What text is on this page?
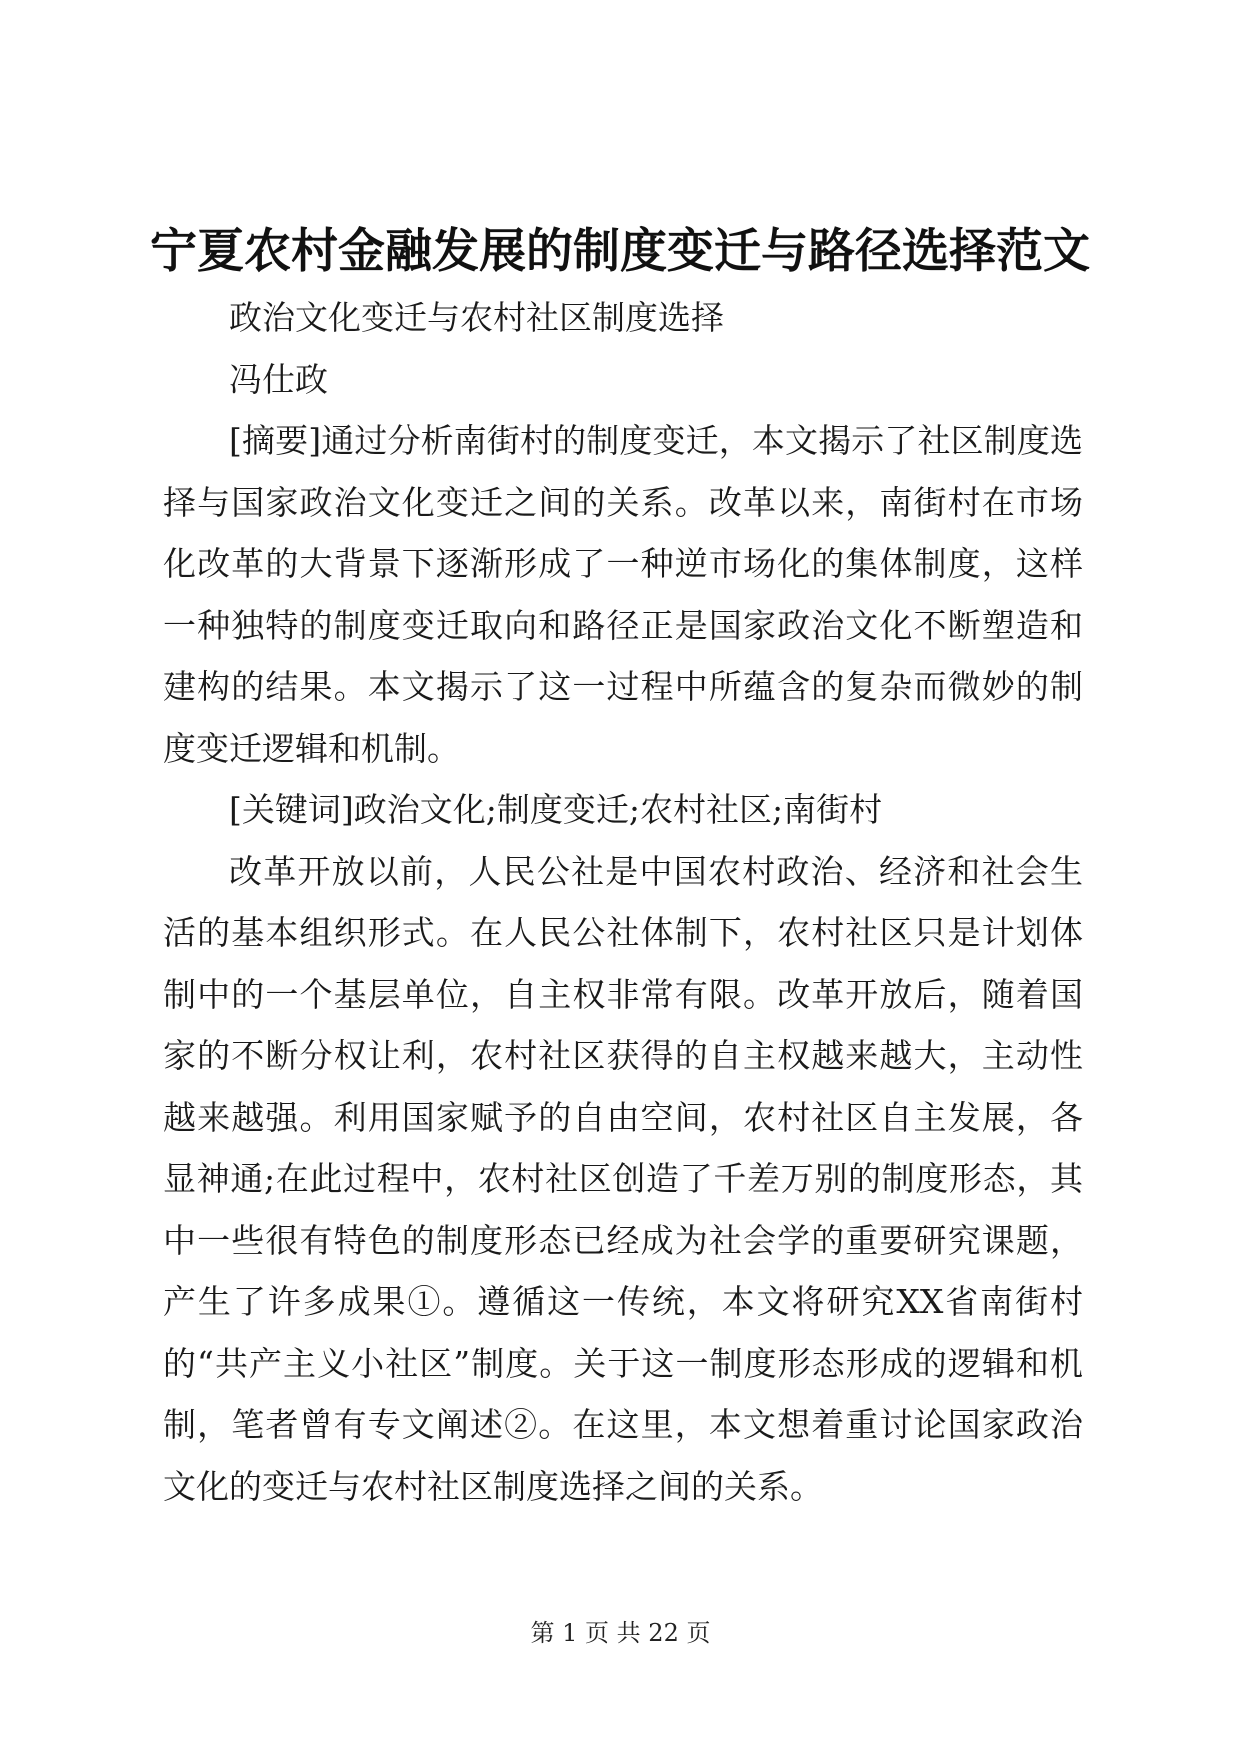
宁夏农村金融发展的制度变迁与路径选择范文

政治文化变迁与农村社区制度选择

冯仕政

[摘要]通过分析南街村的制度变迁，本文揭示了社区制度选择与国家政治文化变迁之间的关系。改革以来，南街村在市场化改革的大背景下逐渐形成了一种逆市场化的集体制度，这样一种独特的制度变迁取向和路径正是国家政治文化不断塑造和建构的结果。本文揭示了这一过程中所蕴含的复杂而微妙的制度变迁逻辑和机制。

[关键词]政治文化;制度变迁;农村社区;南街村

改革开放以前，人民公社是中国农村政治、经济和社会生活的基本组织形式。在人民公社体制下，农村社区只是计划体制中的一个基层单位，自主权非常有限。改革开放后，随着国家的不断分权让利，农村社区获得的自主权越来越大，主动性越来越强。利用国家赋予的自由空间，农村社区自主发展，各显神通;在此过程中，农村社区创造了千差万别的制度形态，其中一些很有特色的制度形态已经成为社会学的重要研究课题，产生了许多成果①。遵循这一传统，本文将研究XX省南街村的“共产主义小社区”制度。关于这一制度形态形成的逻辑和机制，笔者曾有专文阐述②。在这里，本文想着重讨论国家政治文化的变迁与农村社区制度选择之间的关系。

第 1 页 共 22 页
